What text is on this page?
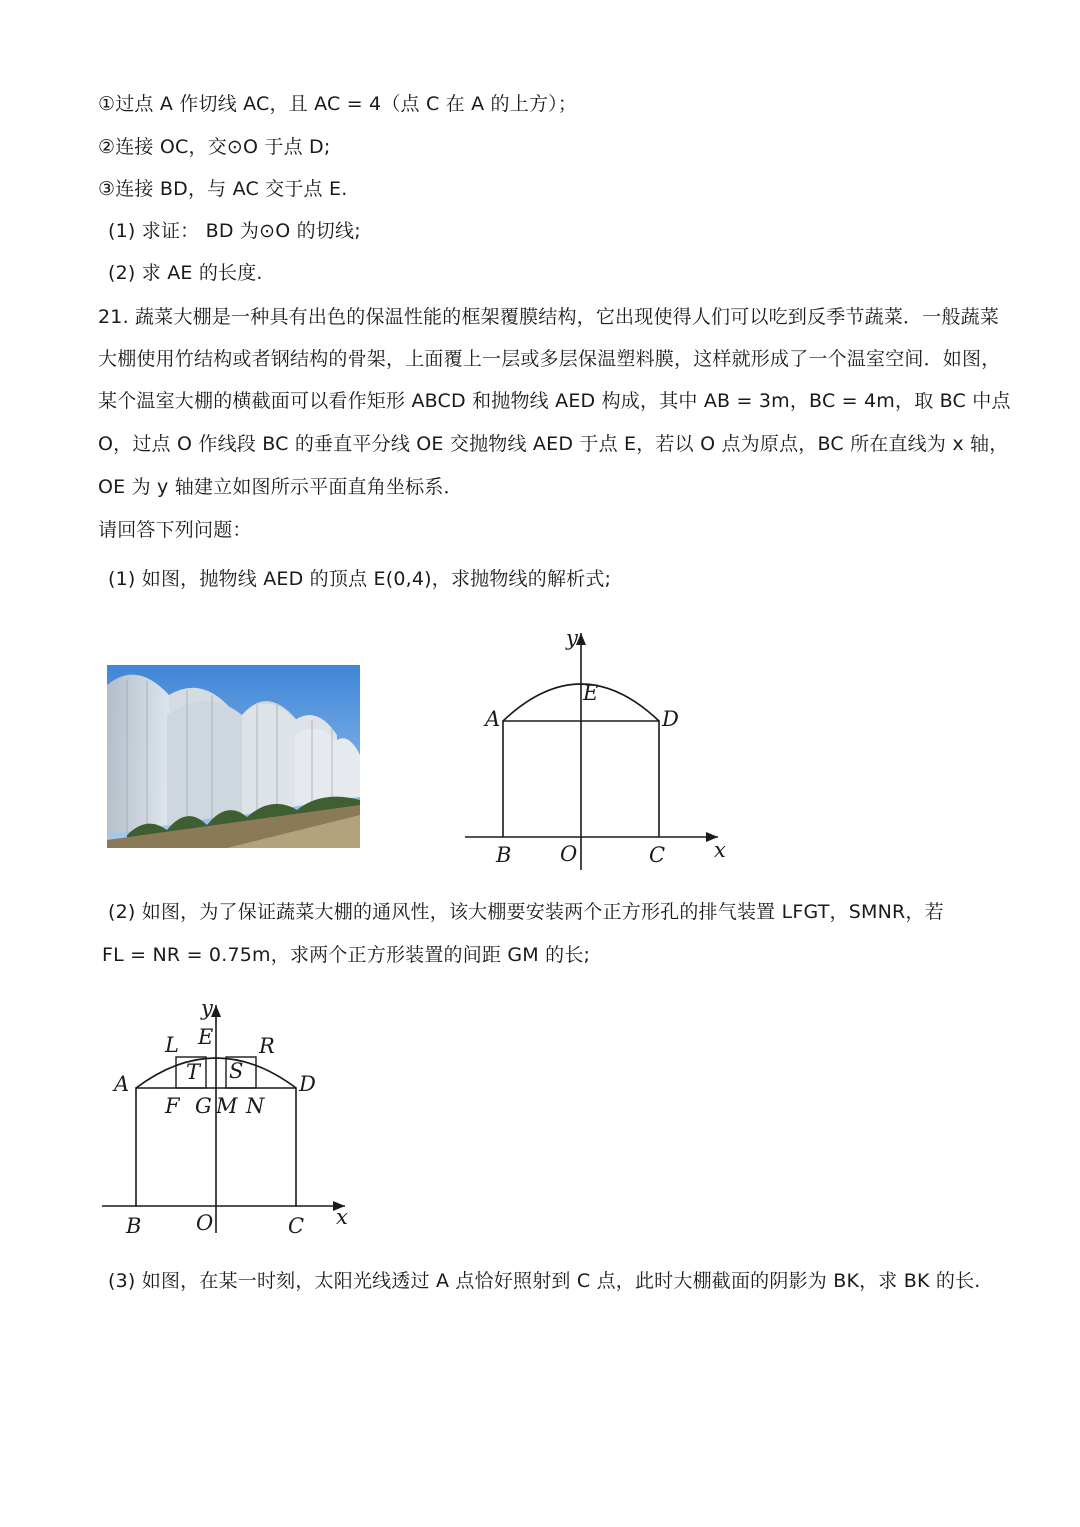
①过点 A 作切线 AC，且 AC = 4（点 C 在 A 的上方）；
②连接 OC，交⊙O 于点 D;
③连接 BD，与 AC 交于点 E.
(1) 求证： BD 为⊙O 的切线;
(2) 求 AE 的长度.
21. 蔬菜大棚是一种具有出色的保温性能的框架覆膜结构，它出现使得人们可以吃到反季节蔬菜．一般蔬菜
大棚使用竹结构或者钢结构的骨架，上面覆上一层或多层保温塑料膜，这样就形成了一个温室空间．如图，
某个温室大棚的横截面可以看作矩形 ABCD 和抛物线 AED 构成，其中 AB = 3m，BC = 4m，取 BC 中点
O，过点 O 作线段 BC 的垂直平分线 OE 交抛物线 AED 于点 E，若以 O 点为原点，BC 所在直线为 x 轴，
OE 为 y 轴建立如图所示平面直角坐标系．
请回答下列问题：
(1) 如图，抛物线 AED 的顶点 E(0,4)，求抛物线的解析式;
y
E
A	D
B O	C x
(2) 如图，为了保证蔬菜大棚的通风性，该大棚要安装两个正方形孔的排气装置 LFGT，SMNR，若
FL = NR = 0.75m，求两个正方形装置的间距 GM 的长;
y
E
L	R
T S
A	D
F G M N
B	O	C x
(3) 如图，在某一时刻，太阳光线透过 A 点恰好照射到 C 点，此时大棚截面的阴影为 BK，求 BK 的长.
